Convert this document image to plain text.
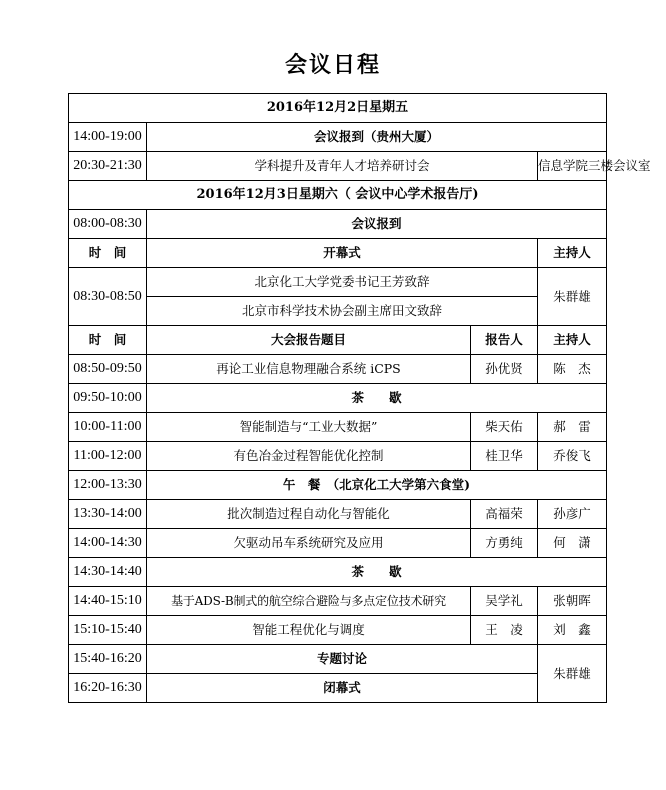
会议日程
2016年12月2日星期五			
14:00-19:00	会议报到（贵州大厦）		
20:30-21:30	学科提升及青年人才培养研讨会		信息学院三楼会议室
2016年12月3日星期六（ 会议中心学术报告厅)			
08:00-08:30	会议报到		
时　间	开幕式		主持人
08:30-08:50	北京化工大学党委书记王芳致辞		朱群雄
	北京市科学技术协会副主席田文致辞		
时　间	大会报告题目	报告人	主持人
08:50-09:50	再论工业信息物理融合系统 iCPS	孙优贤	陈　杰
09:50-10:00	茶　　歇		
10:00-11:00	智能制造与“工业大数据”	柴天佑	郝　雷
11:00-12:00	有色冶金过程智能优化控制	桂卫华	乔俊飞
12:00-13:30	午　餐　（北京化工大学第六食堂)		
13:30-14:00	批次制造过程自动化与智能化	高福荣	孙彦广
14:00-14:30	欠驱动吊车系统研究及应用	方勇纯	何　潇
14:30-14:40	茶　　歇		
14:40-15:10	基于ADS-B制式的航空综合避险与多点定位技术研究	吴学礼	张朝晖
15:10-15:40	智能工程优化与调度	王　凌	刘　鑫
15:40-16:20	专题讨论		朱群雄
16:20-16:30	闭幕式		
